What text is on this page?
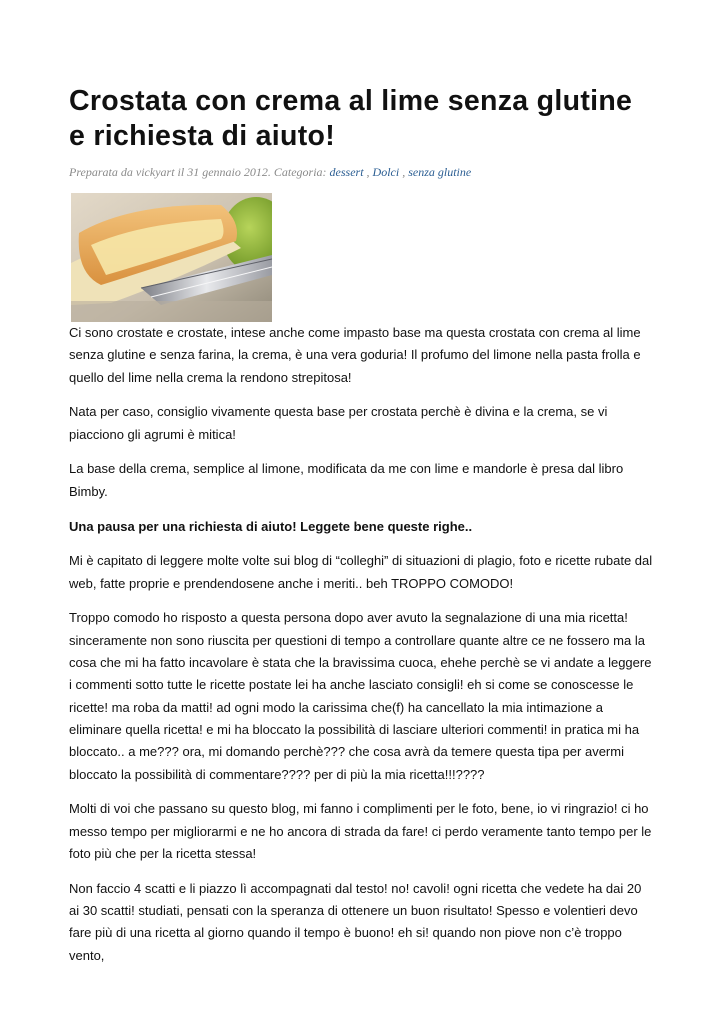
Crostata con crema al lime senza glutine e richiesta di aiuto!
Preparata da vickyart il 31 gennaio 2012. Categoria: dessert , Dolci , senza glutine

Ci sono crostate e crostate, intese anche come impasto base ma questa crostata con crema al lime senza glutine e senza farina, la crema, è una vera goduria! Il profumo del limone nella pasta frolla e quello del lime nella crema la rendono strepitosa!

Nata per caso, consiglio vivamente questa base per crostata perchè è divina e la crema, se vi piacciono gli agrumi è mitica!

La base della crema, semplice al limone, modificata da me con lime e mandorle è presa dal libro Bimby.

Una pausa per una richiesta di aiuto! Leggete bene queste righe..

Mi è capitato di leggere molte volte sui blog di “colleghi” di situazioni di plagio, foto e ricette rubate dal web, fatte proprie e prendendosene anche i meriti.. beh TROPPO COMODO!

Troppo comodo ho risposto a questa persona dopo aver avuto la segnalazione di una mia ricetta! sinceramente non sono riuscita per questioni di tempo a controllare quante altre ce ne fossero ma la cosa che mi ha fatto incavolare è stata che la bravissima cuoca, ehehe perchè se vi andate a leggere i commenti sotto tutte le ricette postate lei ha anche lasciato consigli! eh si come se conoscesse le ricette! ma roba da matti! ad ogni modo la carissima che(f) ha cancellato la mia intimazione a eliminare quella ricetta! e mi ha bloccato la possibilità di lasciare ulteriori commenti! in pratica mi ha bloccato.. a me??? ora, mi domando perchè??? che cosa avrà da temere questa tipa per avermi bloccato la possibilità di commentare???? per di più la mia ricetta!!!????

Molti di voi che passano su questo blog, mi fanno i complimenti per le foto, bene, io vi ringrazio! ci ho messo tempo per migliorarmi e ne ho ancora di strada da fare! ci perdo veramente tanto tempo per le foto più che per la ricetta stessa!

Non faccio 4 scatti e li piazzo lì accompagnati dal testo! no! cavoli! ogni ricetta che vedete ha dai 20 ai 30 scatti! studiati, pensati con la speranza di ottenere un buon risultato! Spesso e volentieri devo fare più di una ricetta al giorno quando il tempo è buono! eh si! quando non piove non c’è troppo vento,
